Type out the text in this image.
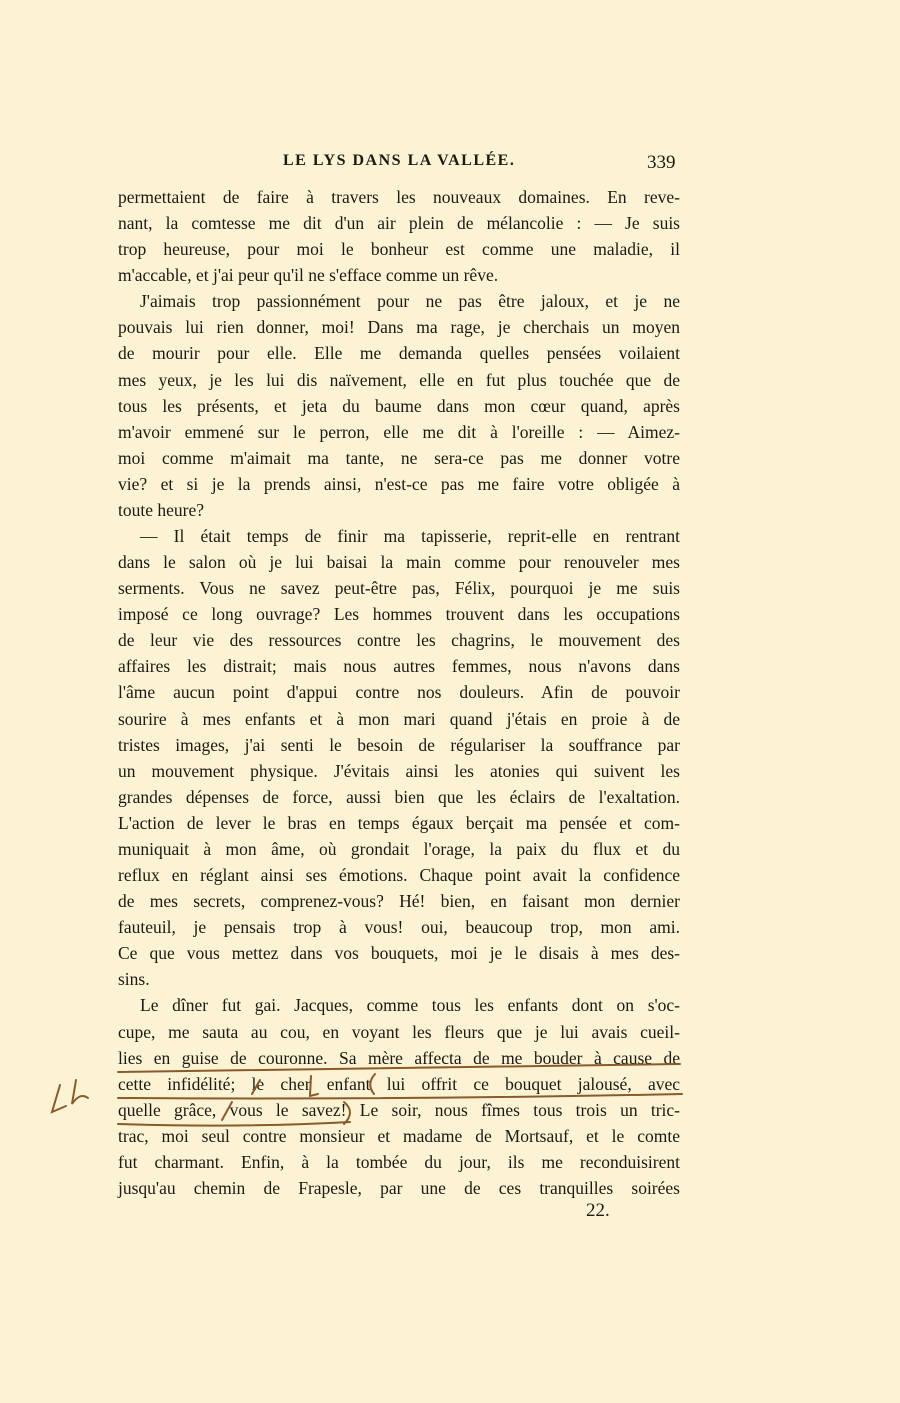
LE LYS DANS LA VALLÉE.	339
permettaient de faire à travers les nouveaux domaines. En reve-
nant, la comtesse me dit d'un air plein de mélancolie : — Je suis
trop heureuse, pour moi le bonheur est comme une maladie, il
m'accable, et j'ai peur qu'il ne s'efface comme un rêve.
J'aimais trop passionnément pour ne pas être jaloux, et je ne
pouvais lui rien donner, moi! Dans ma rage, je cherchais un moyen
de mourir pour elle. Elle me demanda quelles pensées voilaient
mes yeux, je les lui dis naïvement, elle en fut plus touchée que de
tous les présents, et jeta du baume dans mon cœur quand, après
m'avoir emmené sur le perron, elle me dit à l'oreille : — Aimez-
moi comme m'aimait ma tante, ne sera-ce pas me donner votre
vie? et si je la prends ainsi, n'est-ce pas me faire votre obligée à
toute heure?
— Il était temps de finir ma tapisserie, reprit-elle en rentrant
dans le salon où je lui baisai la main comme pour renouveler mes
serments. Vous ne savez peut-être pas, Félix, pourquoi je me suis
imposé ce long ouvrage? Les hommes trouvent dans les occupations
de leur vie des ressources contre les chagrins, le mouvement des
affaires les distrait; mais nous autres femmes, nous n'avons dans
l'âme aucun point d'appui contre nos douleurs. Afin de pouvoir
sourire à mes enfants et à mon mari quand j'étais en proie à de
tristes images, j'ai senti le besoin de régulariser la souffrance par
un mouvement physique. J'évitais ainsi les atonies qui suivent les
grandes dépenses de force, aussi bien que les éclairs de l'exaltation.
L'action de lever le bras en temps égaux berçait ma pensée et com-
muniquait à mon âme, où grondait l'orage, la paix du flux et du
reflux en réglant ainsi ses émotions. Chaque point avait la confidence
de mes secrets, comprenez-vous? Hé! bien, en faisant mon dernier
fauteuil, je pensais trop à vous! oui, beaucoup trop, mon ami.
Ce que vous mettez dans vos bouquets, moi je le disais à mes des-
sins.
Le dîner fut gai. Jacques, comme tous les enfants dont on s'oc-
cupe, me sauta au cou, en voyant les fleurs que je lui avais cueil-
lies en guise de couronne. Sa mère affecta de me bouder à cause de
cette infidélité; le cher enfant lui offrit ce bouquet jalousé, avec
quelle grâce, vous le savez! Le soir, nous fîmes tous trois un tric-
trac, moi seul contre monsieur et madame de Mortsauf, et le comte
fut charmant. Enfin, à la tombée du jour, ils me reconduisirent
jusqu'au chemin de Frapesle, par une de ces tranquilles soirées
22.
